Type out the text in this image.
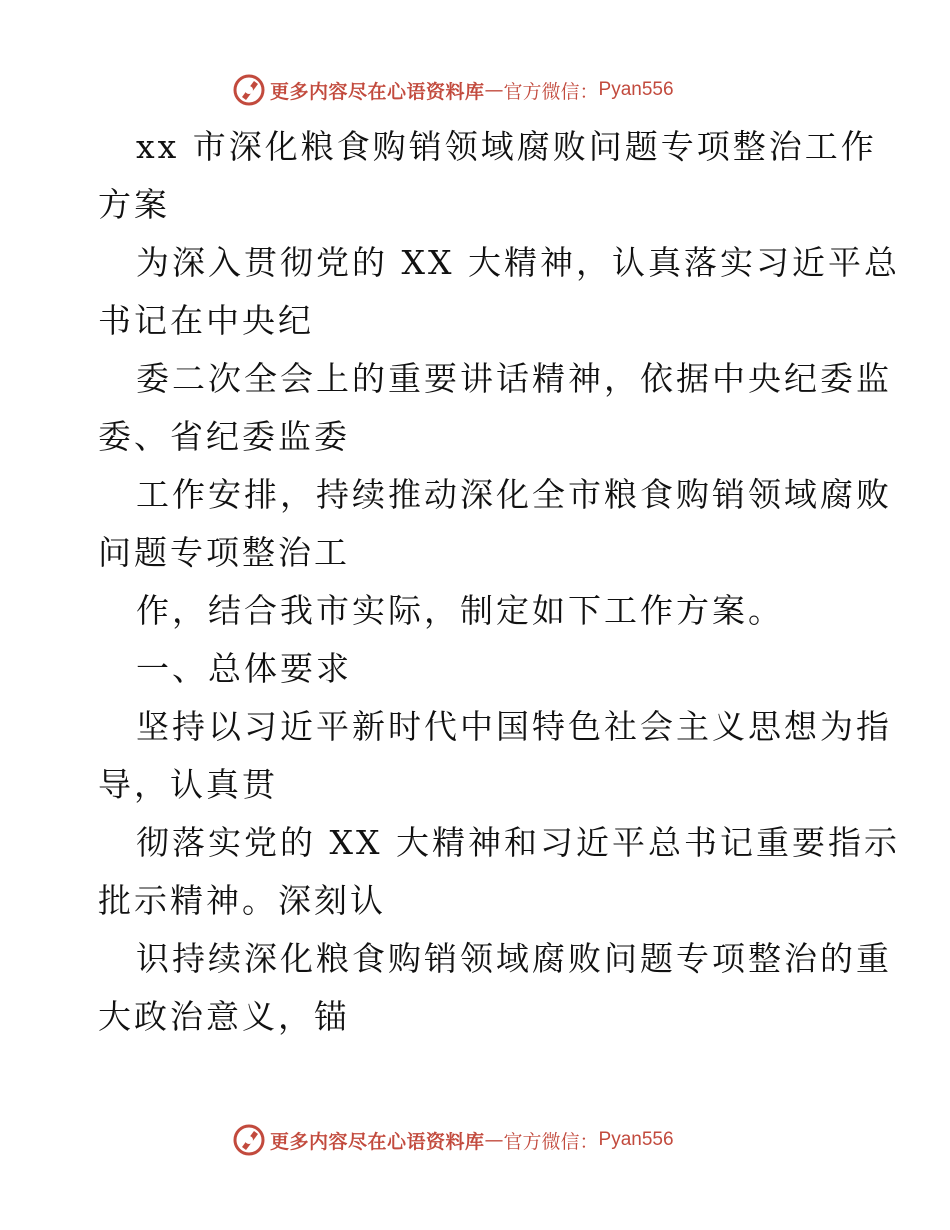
更多内容尽在心语资料库 — 官方微信： Pyan556
xx 市深化粮食购销领域腐败问题专项整治工作
方案
为深入贯彻党的 XX 大精神，认真落实习近平总
书记在中央纪
委二次全会上的重要讲话精神，依据中央纪委监
委、省纪委监委
工作安排，持续推动深化全市粮食购销领域腐败
问题专项整治工
作，结合我市实际，制定如下工作方案。
一、总体要求
坚持以习近平新时代中国特色社会主义思想为指
导，认真贯
彻落实党的 XX 大精神和习近平总书记重要指示
批示精神。深刻认
识持续深化粮食购销领域腐败问题专项整治的重
大政治意义，锚
更多内容尽在心语资料库 — 官方微信： Pyan556
